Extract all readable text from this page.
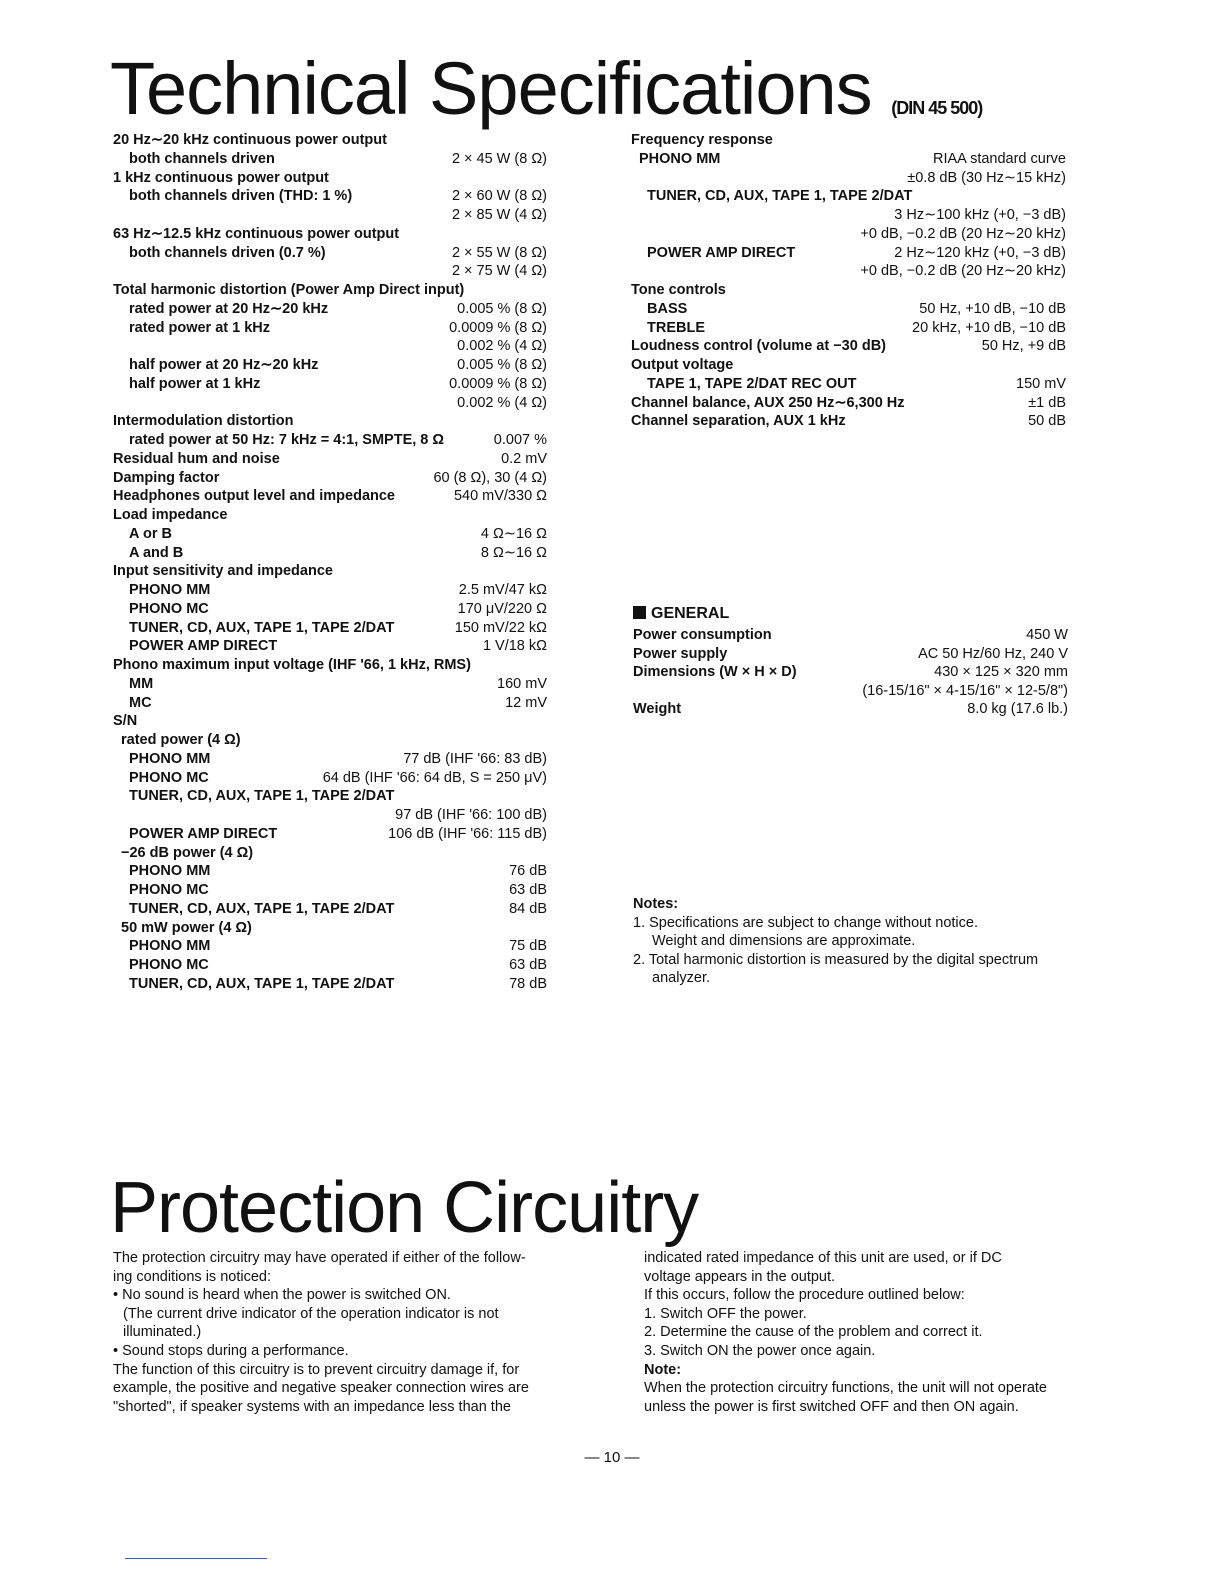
Technical Specifications (DIN 45 500)
20 Hz∼20 kHz continuous power output
both channels driven	2 × 45 W (8 Ω)
1 kHz continuous power output
both channels driven (THD: 1 %)	2 × 60 W (8 Ω)
2 × 85 W (4 Ω)
63 Hz∼12.5 kHz continuous power output
both channels driven (0.7 %)	2 × 55 W (8 Ω)
2 × 75 W (4 Ω)
Total harmonic distortion (Power Amp Direct input)
rated power at 20 Hz∼20 kHz	0.005 % (8 Ω)
rated power at 1 kHz	0.0009 % (8 Ω)
0.002 % (4 Ω)
half power at 20 Hz∼20 kHz	0.005 % (8 Ω)
half power at 1 kHz	0.0009 % (8 Ω)
0.002 % (4 Ω)
Intermodulation distortion
rated power at 50 Hz: 7 kHz = 4:1, SMPTE, 8 Ω	0.007 %
Residual hum and noise	0.2 mV
Damping factor	60 (8 Ω), 30 (4 Ω)
Headphones output level and impedance	540 mV/330 Ω
Load impedance
A or B	4 Ω∼16 Ω
A and B	8 Ω∼16 Ω
Input sensitivity and impedance
PHONO MM	2.5 mV/47 kΩ
PHONO MC	170 μV/220 Ω
TUNER, CD, AUX, TAPE 1, TAPE 2/DAT	150 mV/22 kΩ
POWER AMP DIRECT	1 V/18 kΩ
Phono maximum input voltage (IHF '66, 1 kHz, RMS)
MM	160 mV
MC	12 mV
S/N
rated power (4 Ω)
PHONO MM	77 dB (IHF '66: 83 dB)
PHONO MC	64 dB (IHF '66: 64 dB, S = 250 μV)
TUNER, CD, AUX, TAPE 1, TAPE 2/DAT
97 dB (IHF '66: 100 dB)
POWER AMP DIRECT	106 dB (IHF '66: 115 dB)
−26 dB power (4 Ω)
PHONO MM	76 dB
PHONO MC	63 dB
TUNER, CD, AUX, TAPE 1, TAPE 2/DAT	84 dB
50 mW power (4 Ω)
PHONO MM	75 dB
PHONO MC	63 dB
TUNER, CD, AUX, TAPE 1, TAPE 2/DAT	78 dB
Frequency response
PHONO MM	RIAA standard curve
±0.8 dB (30 Hz∼15 kHz)
TUNER, CD, AUX, TAPE 1, TAPE 2/DAT
3 Hz∼100 kHz (+0, −3 dB)
+0 dB, −0.2 dB (20 Hz∼20 kHz)
POWER AMP DIRECT	2 Hz∼120 kHz (+0, −3 dB)
+0 dB, −0.2 dB (20 Hz∼20 kHz)
Tone controls
BASS	50 Hz, +10 dB, −10 dB
TREBLE	20 kHz, +10 dB, −10 dB
Loudness control (volume at −30 dB)	50 Hz, +9 dB
Output voltage
TAPE 1, TAPE 2/DAT REC OUT	150 mV
Channel balance, AUX 250 Hz∼6,300 Hz	±1 dB
Channel separation, AUX 1 kHz	50 dB
GENERAL
Power consumption	450 W
Power supply	AC 50 Hz/60 Hz, 240 V
Dimensions (W × H × D)	430 × 125 × 320 mm
(16-15/16" × 4-15/16" × 12-5/8")
Weight	8.0 kg (17.6 lb.)

Notes:

1. Specifications are subject to change without notice.

Weight and dimensions are approximate.

2. Total harmonic distortion is measured by the digital spectrum

analyzer.

Protection Circuitry

The protection circuitry may have operated if either of the follow-

ing conditions is noticed:

• No sound is heard when the power is switched ON.

(The current drive indicator of the operation indicator is not

illuminated.)

• Sound stops during a performance.

The function of this circuitry is to prevent circuitry damage if, for

example, the positive and negative speaker connection wires are

"shorted", if speaker systems with an impedance less than the

indicated rated impedance of this unit are used, or if DC

voltage appears in the output.

If this occurs, follow the procedure outlined below:

1. Switch OFF the power.

2. Determine the cause of the problem and correct it.

3. Switch ON the power once again.

Note:

When the protection circuitry functions, the unit will not operate

unless the power is first switched OFF and then ON again.

— 10 —
